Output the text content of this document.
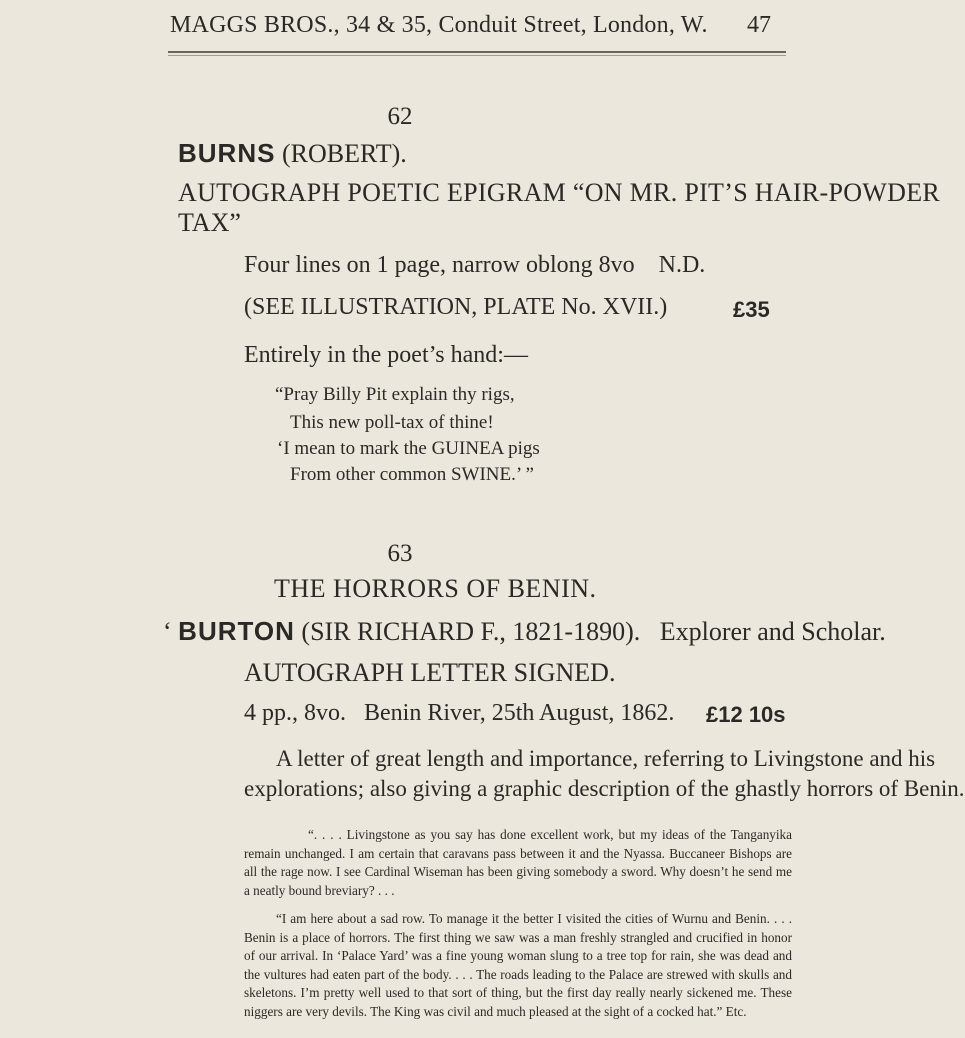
MAGGS BROS., 34 & 35, Conduit Street, London, W. 47
62
BURNS (ROBERT).
AUTOGRAPH POETIC EPIGRAM “ON MR. PIT’S HAIR-POWDER
TAX”
Four lines on 1 page, narrow oblong 8vo    N.D.
(SEE ILLUSTRATION, PLATE No. XVII.)	£35
Entirely in the poet’s hand:—
“Pray Billy Pit explain thy rigs,
This new poll-tax of thine!
‘I mean to mark the GUINEA pigs
From other common SWINE.’ ”
63
THE HORRORS OF BENIN.
‘ BURTON (SIR RICHARD F., 1821-1890).   Explorer and Scholar.
AUTOGRAPH LETTER SIGNED.
4 pp., 8vo.   Benin River, 25th August, 1862. £12 10s
A letter of great length and importance, referring to Livingstone and his
explorations; also giving a graphic description of the ghastly horrors of Benin.
“. . . . Livingstone as you say has done excellent work, but my ideas of the Tanganyika remain unchanged. I am certain that caravans pass between it and the Nyassa. Buccaneer Bishops are all the rage now. I see Cardinal Wiseman has been giving somebody a sword. Why doesn’t he send me a neatly bound breviary? . . .
“I am here about a sad row. To manage it the better I visited the cities of Wurnu and Benin. . . . Benin is a place of horrors. The first thing we saw was a man freshly strangled and crucified in honor of our arrival. In ‘Palace Yard’ was a fine young woman slung to a tree top for rain, she was dead and the vultures had eaten part of the body. . . . The roads leading to the Palace are strewed with skulls and skeletons. I’m pretty well used to that sort of thing, but the first day really nearly sickened me. These niggers are very devils. The King was civil and much pleased at the sight of a cocked hat.” Etc.
